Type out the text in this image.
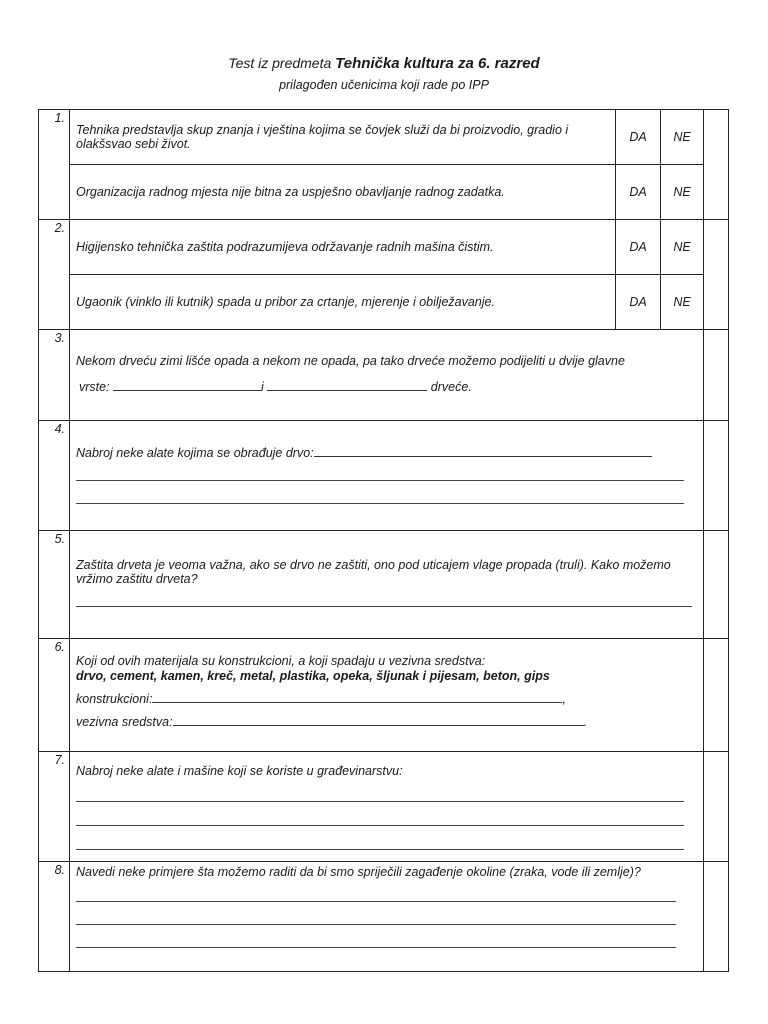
Test iz predmeta Tehnička kultura za 6. razred
prilagođen učenicima koji rade po IPP
1.	Tehnika predstavlja skup znanja i vještina kojima se čovjek služi da bi proizvodio, gradio i olakšsvao sebi život.	DA	NE	
	Organizacija radnog mjesta nije bitna za uspješno obavljanje radnog zadatka.	DA	NE	
2.	Higijensko tehnička zaštita podrazumijeva održavanje radnih mašina čistim.	DA	NE	
	Ugaonik (vinklo ili kutnik) spada u pribor za crtanje, mjerenje i obilježavanje.	DA	NE	
3.	Nekom drveću zimi lišće opada a nekom ne opada, pa tako drveće možemo podijeliti u dvije glavne
vrste: i drveće.			

4.	Nabroj neke alate kojima se obrađuje drvo:			

5.	Zaštita drveta je veoma važna, ako se drvo ne zaštiti, ono pod uticajem vlage propada (truli). Kako možemo vržimo zaštitu drveta?			

6.	Koji od ovih materijala su konstrukcioni, a koji spadaju u vezivna sredstva:
drvo, cement, kamen, kreč, metal, plastika, opeka, šljunak i pijesam, beton, gips
konstrukcioni: ,
vezivna sredstva: .			

7.	Nabroj neke alate i mašine koji se koriste u građevinarstvu:			

8.	Navedi neke primjere šta možemo raditi da bi smo spriječili zagađenje okoline (zraka, vode ili zemlje)?			
